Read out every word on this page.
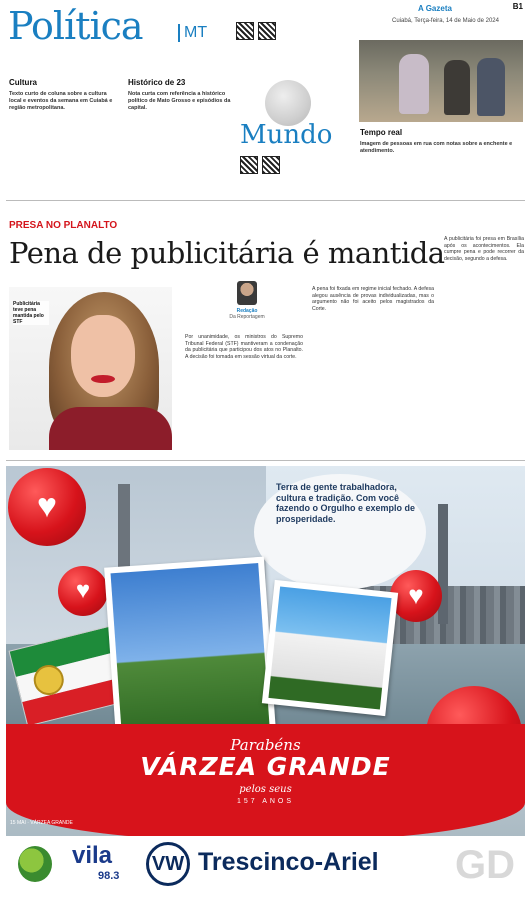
Política	MT
A Gazeta	B1
Cuiabá, Terça-feira, 14 de Maio de 2024
Cultura

Texto curto de coluna sobre a cultura local e eventos da semana em Cuiabá e região metropolitana.

Histórico de 23

Nota curta com referência a histórico político de Mato Grosso e episódios da capital.

Mundo	Tempo real

Imagem de pessoas em rua com notas sobre a enchente e atendimento.

PRESA NO PLANALTO
Pena de publicitária é mantida
Publicitária teve pena mantida pelo STF
Redação
Da Reportagem
Por unanimidade, os ministros do Supremo Tribunal Federal (STF) mantiveram a condenação da publicitária que participou dos atos no Planalto. A decisão foi tomada em sessão virtual da corte.
A pena foi fixada em regime inicial fechado. A defesa alegou ausência de provas individualizadas, mas o argumento não foi aceito pelos magistrados da Corte.
A publicitária foi presa em Brasília após os acontecimentos. Ela cumpre pena e pode recorrer da decisão, segundo a defesa.
Terra de gente trabalhadora, cultura e tradição. Com você fazendo o Orgulho e exemplo de prosperidade.
♥
♥	♥
Parabéns
VÁRZEA GRANDE
pelos seus
157 ANOS
15 MAI · VÁRZEA GRANDE
vila
98.3
VW Trescinco-Ariel GD
